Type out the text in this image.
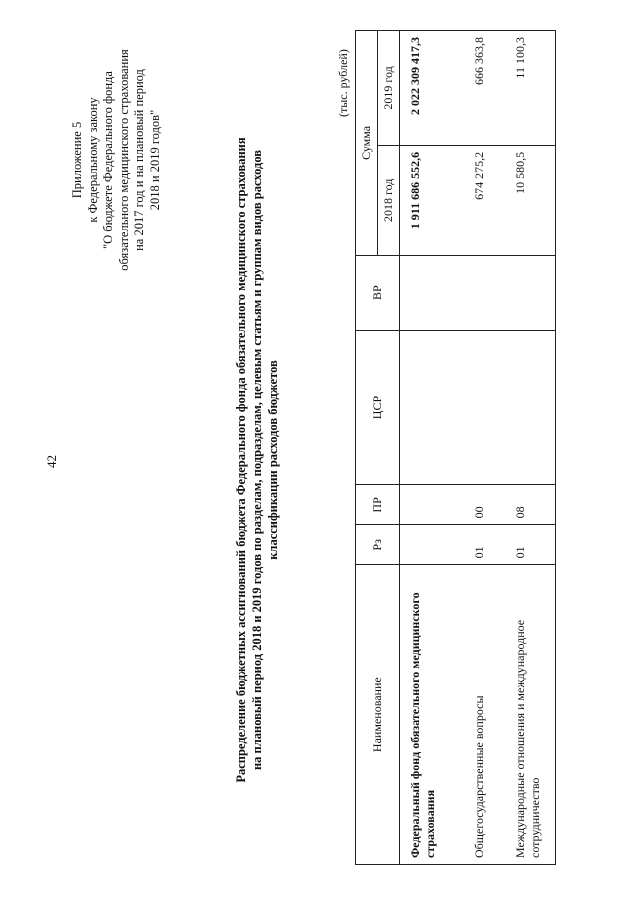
42
Приложение 5 к Федеральному закону "О бюджете Федерального фонда обязательного медицинского страхования на 2017 год и на плановый период 2018 и 2019 годов"	Распределение бюджетных ассигнований бюджета Федерального фонда обязательного медицинского страхования на плановый период 2018 и 2019 годов по разделам, подразделам, целевым статьям и группам видов расходов классификации расходов бюджетов
(тыс. рублей)
Наименование	Рз	ПР	ЦСР	ВР	Сумма	
					2018 год	2019 год
Федеральный фонд обязательного медицинского страхования					1 911 686 552,6	2 022 309 417,3
Общегосударственные вопросы	01	00			674 275,2	666 363,8
Международные отношения и международное сотрудничество	01	08			10 580,5	11 100,3
